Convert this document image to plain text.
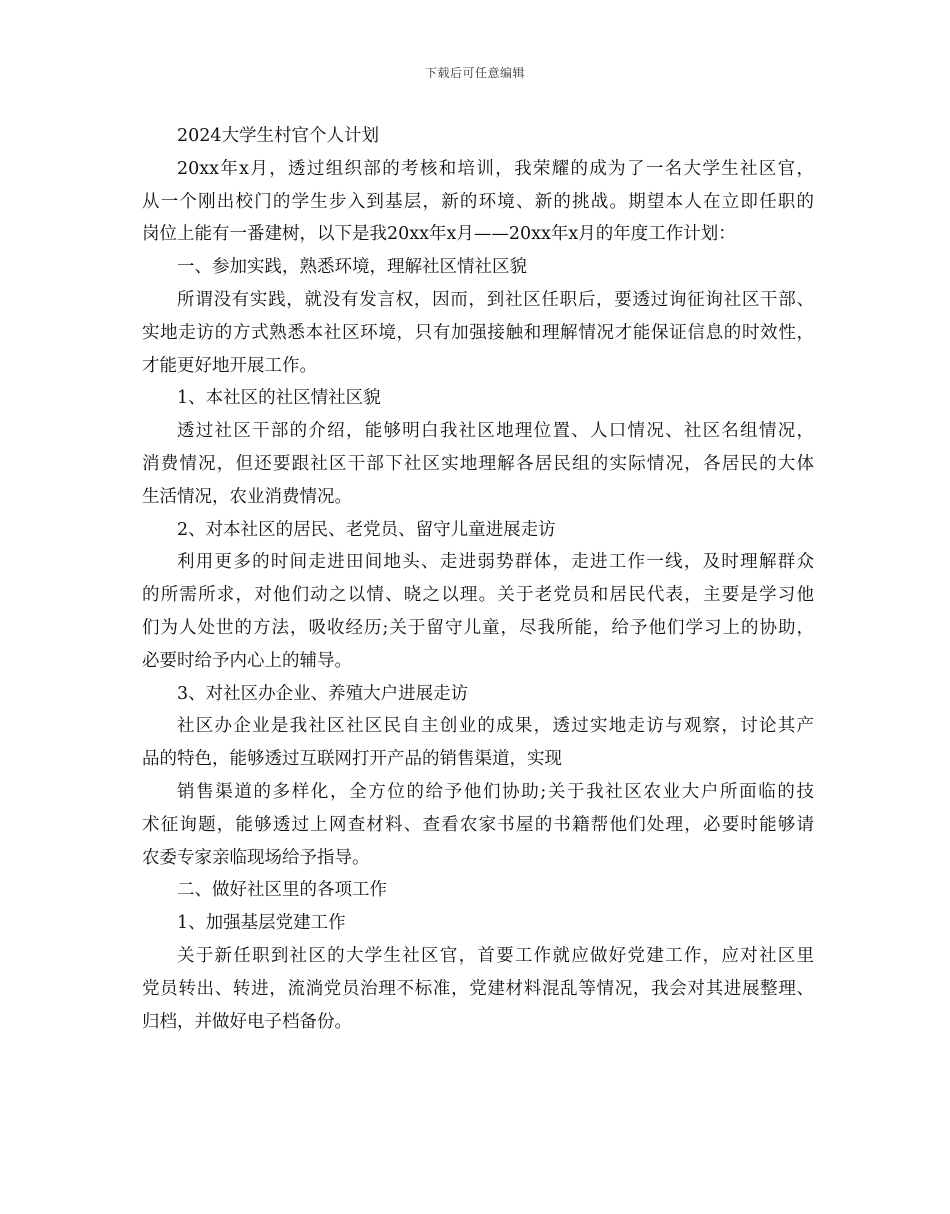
下载后可任意编辑
2024大学生村官个人计划
20xx年x月，透过组织部的考核和培训，我荣耀的成为了一名大学生社区官，
从一个刚出校门的学生步入到基层，新的环境、新的挑战。期望本人在立即任职的
岗位上能有一番建树，以下是我20xx年x月——20xx年x月的年度工作计划：
一、参加实践，熟悉环境，理解社区情社区貌
所谓没有实践，就没有发言权，因而，到社区任职后，要透过询征询社区干部、
实地走访的方式熟悉本社区环境，只有加强接触和理解情况才能保证信息的时效性，
才能更好地开展工作。
1、本社区的社区情社区貌
透过社区干部的介绍，能够明白我社区地理位置、人口情况、社区名组情况，
消费情况，但还要跟社区干部下社区实地理解各居民组的实际情况，各居民的大体
生活情况，农业消费情况。
2、对本社区的居民、老党员、留守儿童进展走访
利用更多的时间走进田间地头、走进弱势群体，走进工作一线，及时理解群众
的所需所求，对他们动之以情、晓之以理。关于老党员和居民代表，主要是学习他
们为人处世的方法，吸收经历;关于留守儿童，尽我所能，给予他们学习上的协助，
必要时给予内心上的辅导。
3、对社区办企业、养殖大户进展走访
社区办企业是我社区社区民自主创业的成果，透过实地走访与观察，讨论其产
品的特色，能够透过互联网打开产品的销售渠道，实现
销售渠道的多样化，全方位的给予他们协助;关于我社区农业大户所面临的技
术征询题，能够透过上网查材料、查看农家书屋的书籍帮他们处理，必要时能够请
农委专家亲临现场给予指导。
二、做好社区里的各项工作
1、加强基层党建工作
关于新任职到社区的大学生社区官，首要工作就应做好党建工作，应对社区里
党员转出、转进，流淌党员治理不标准，党建材料混乱等情况，我会对其进展整理、
归档，并做好电子档备份。
